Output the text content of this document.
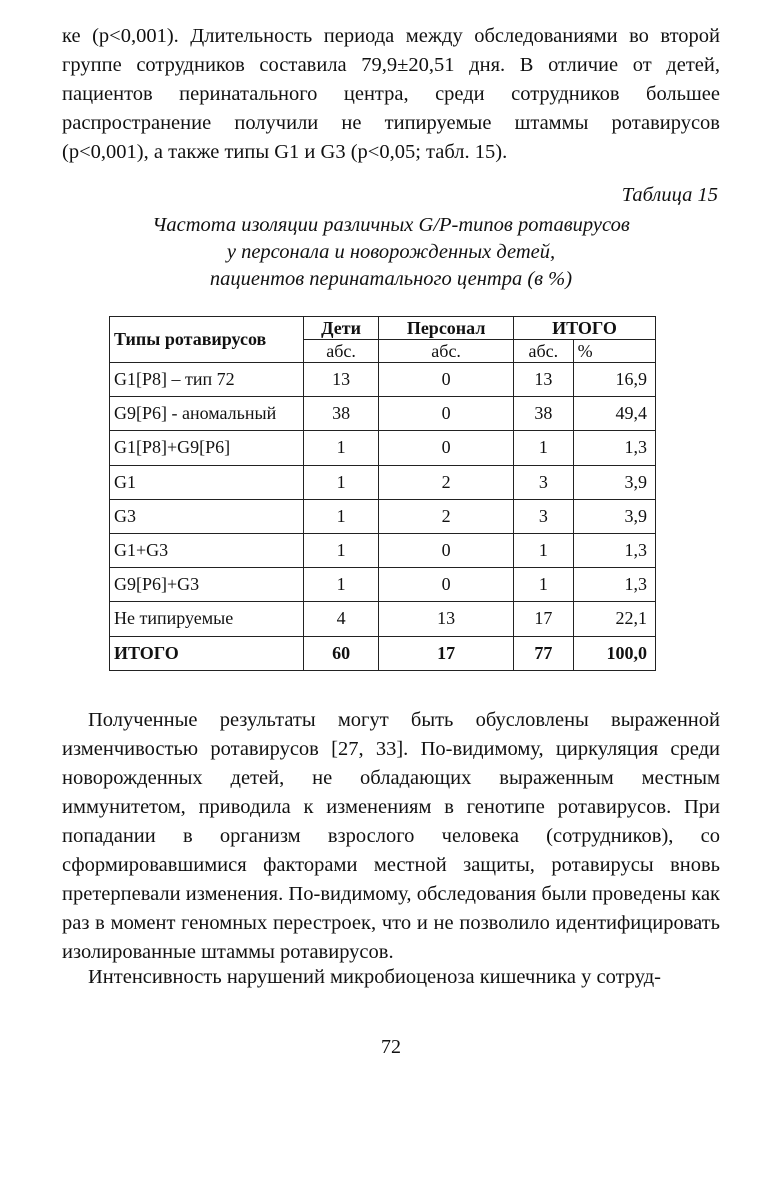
ке (р<0,001). Длительность периода между обследованиями во второй группе сотрудников составила 79,9±20,51 дня. В отличие от детей, пациентов перинатального центра, среди сотрудников большее распространение получили не типируемые штаммы ротавирусов (р<0,001), а также типы G1 и G3 (р<0,05; табл. 15).

Таблица 15
Частота изоляции различных G/P-типов ротавирусов
у персонала и новорожденных детей,
пациентов перинатального центра (в %)
Типы ротавирусов	Дети	Персонал	ИТОГО	
	абс.	абс.	абс.	%
G1[P8] – тип 72	13	0	13	16,9
G9[P6] - аномальный	38	0	38	49,4
G1[P8]+G9[P6]	1	0	1	1,3
G1	1	2	3	3,9
G3	1	2	3	3,9
G1+G3	1	0	1	1,3
G9[P6]+G3	1	0	1	1,3
Не типируемые	4	13	17	22,1
ИТОГО	60	17	77	100,0

Полученные результаты могут быть обусловлены выраженной изменчивостью ротавирусов [27, 33]. По-видимому, циркуляция среди новорожденных детей, не обладающих выраженным местным иммунитетом, приводила к изменениям в генотипе ротавирусов. При попадании в организм взрослого человека (сотрудников), со сформировавшимися факторами местной защиты, ротавирусы вновь претерпевали изменения. По-видимому, обследования были проведены как раз в момент геномных перестроек, что и не позволило идентифицировать изолированные штаммы ротавирусов.

Интенсивность нарушений микробиоценоза кишечника у сотруд-

72
